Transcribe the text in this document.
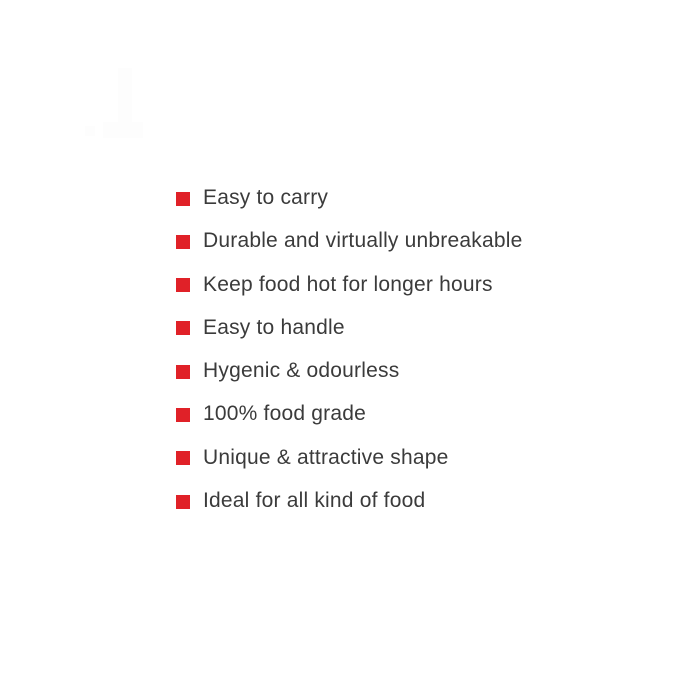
Easy to carry
Durable and virtually unbreakable
Keep food hot for longer hours
Easy to handle
Hygenic & odourless
100% food grade
Unique & attractive shape
Ideal for all kind of food
